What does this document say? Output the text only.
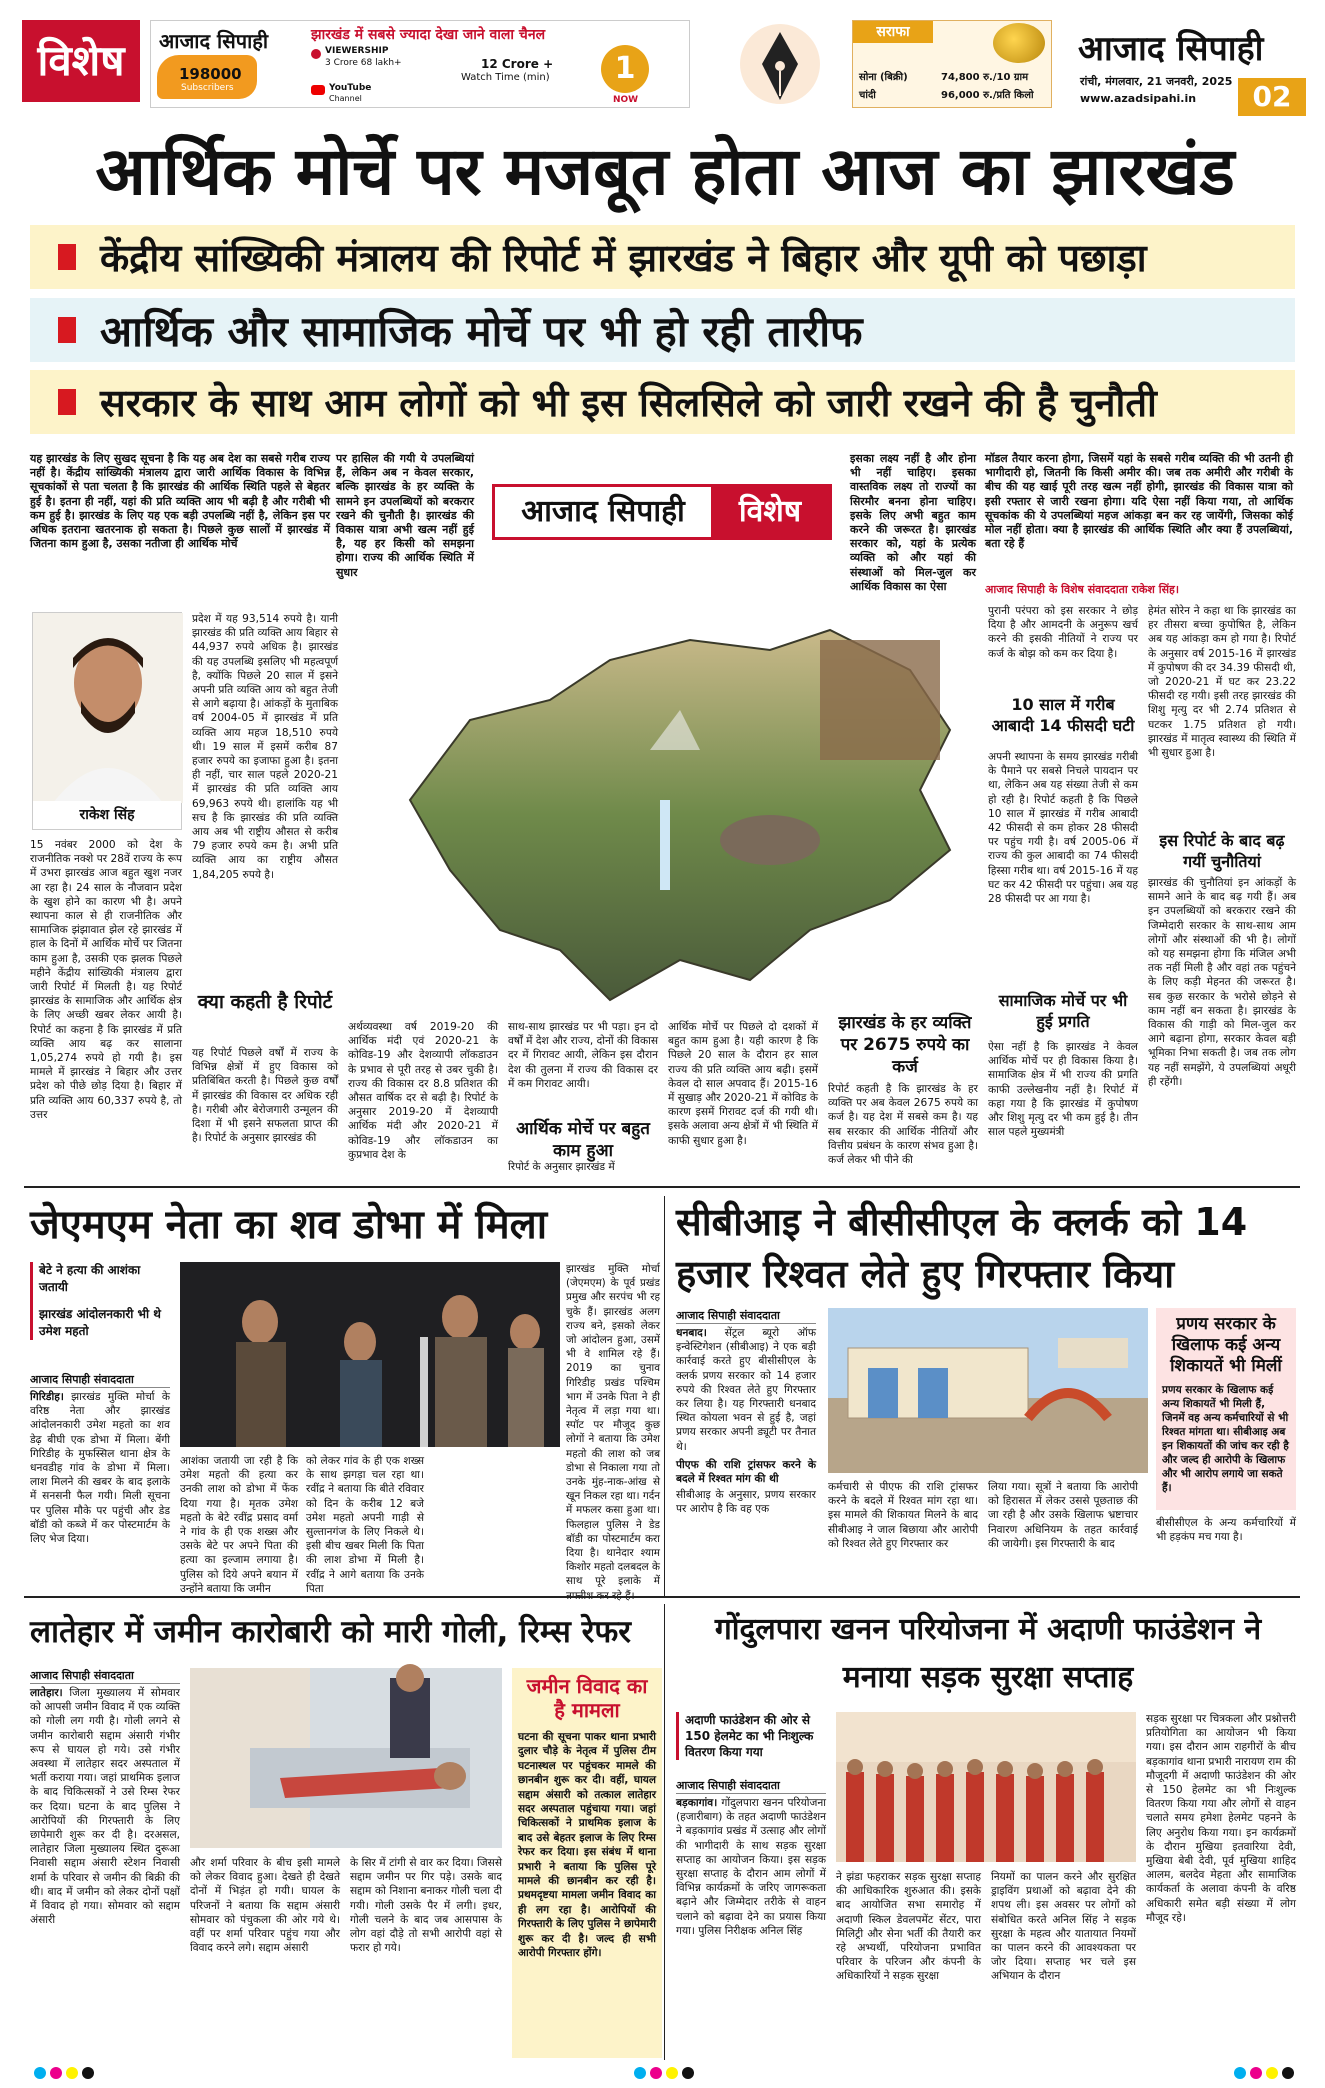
विशेष	आजाद सिपाही	झारखंड में सबसे ज्यादा देखा जाने वाला चैनल
198000
Subscribers
VIEWERSHIP
3 Crore 68 lakh+	12 Crore +
Watch Time (min)
YouTube
Channel
1
NOW
सराफा
सोना (बिक्री)	74,800 रु./10 ग्राम
चांदी	96,000 रु./प्रति किलो
आजाद सिपाही
रांची, मंगलवार, 21 जनवरी, 2025
www.azadsipahi.in	02
आर्थिक मोर्चे पर मजबूत होता आज का झारखंड
केंद्रीय सांख्यिकी मंत्रालय की रिपोर्ट में झारखंड ने बिहार और यूपी को पछाड़ा
आर्थिक और सामाजिक मोर्चे पर भी हो रही तारीफ
सरकार के साथ आम लोगों को भी इस सिलसिले को जारी रखने की है चुनौती
यह झारखंड के लिए सुखद सूचना है कि यह अब देश का सबसे गरीब राज्य नहीं है। केंद्रीय सांख्यिकी मंत्रालय द्वारा जारी आर्थिक विकास के विभिन्न सूचकांकों से पता चलता है कि झारखंड की आर्थिक स्थिति पहले से बेहतर हुई है। इतना ही नहीं, यहां की प्रति व्यक्ति आय भी बढ़ी है और गरीबी भी कम हुई है। झारखंड के लिए यह एक बड़ी उपलब्धि नहीं है, लेकिन इस पर अधिक इतराना खतरनाक हो सकता है। पिछले कुछ सालों में झारखंड में जितना काम हुआ है, उसका नतीजा ही आर्थिक मोर्चे
पर हासिल की गयी ये उपलब्धियां हैं, लेकिन अब न केवल सरकार, बल्कि झारखंड के हर व्यक्ति के सामने इन उपलब्धियों को बरकरार रखने की चुनौती है। झारखंड की विकास यात्रा अभी खत्म नहीं हुई है, यह हर किसी को समझना होगा। राज्य की आर्थिक स्थिति में सुधार
इसका लक्ष्य नहीं है और होना भी नहीं चाहिए। इसका वास्तविक लक्ष्य तो राज्यों का सिरमौर बनना होना चाहिए। इसके लिए अभी बहुत काम करने की जरूरत है। झारखंड सरकार को, यहां के प्रत्येक व्यक्ति को और यहां की संस्थाओं को मिल-जुल कर आर्थिक विकास का ऐसा
मॉडल तैयार करना होगा, जिसमें यहां के सबसे गरीब व्यक्ति की भी उतनी ही भागीदारी हो, जितनी कि किसी अमीर की। जब तक अमीरी और गरीबी के बीच की यह खाई पूरी तरह खत्म नहीं होगी, झारखंड की विकास यात्रा को इसी रफ्तार से जारी रखना होगा। यदि ऐसा नहीं किया गया, तो आर्थिक सूचकांक की ये उपलब्धियां महज आंकड़ा बन कर रह जायेंगी, जिसका कोई मोल नहीं होता। क्या है झारखंड की आर्थिक स्थिति और क्या हैं उपलब्धियां, बता रहे हैं
आजाद सिपाही के विशेष संवाददाता राकेश सिंह।
आजाद सिपाही	विशेष
राकेश सिंह
15 नवंबर 2000 को देश के राजनीतिक नक्शे पर 28वें राज्य के रूप में उभरा झारखंड आज बहुत खुश नजर आ रहा है। 24 साल के नौजवान प्रदेश के खुश होने का कारण भी है। अपने स्थापना काल से ही राजनीतिक और सामाजिक झंझावात झेल रहे झारखंड में हाल के दिनों में आर्थिक मोर्चे पर जितना काम हुआ है, उसकी एक झलक पिछले महीने केंद्रीय सांख्यिकी मंत्रालय द्वारा जारी रिपोर्ट में मिलती है। यह रिपोर्ट झारखंड के सामाजिक और आर्थिक क्षेत्र के लिए अच्छी खबर लेकर आयी है। रिपोर्ट का कहना है कि झारखंड में प्रति व्यक्ति आय बढ़ कर सालाना 1,05,274 रुपये हो गयी है। इस मामले में झारखंड ने बिहार और उत्तर प्रदेश को पीछे छोड़ दिया है। बिहार में प्रति व्यक्ति आय 60,337 रुपये है, तो उत्तर
प्रदेश में यह 93,514 रुपये है। यानी झारखंड की प्रति व्यक्ति आय बिहार से 44,937 रुपये अधिक है। झारखंड की यह उपलब्धि इसलिए भी महत्वपूर्ण है, क्योंकि पिछले 20 साल में इसने अपनी प्रति व्यक्ति आय को बहुत तेजी से आगे बढ़ाया है। आंकड़ों के मुताबिक वर्ष 2004-05 में झारखंड में प्रति व्यक्ति आय महज 18,510 रुपये थी। 19 साल में इसमें करीब 87 हजार रुपये का इजाफा हुआ है। इतना ही नहीं, चार साल पहले 2020-21 में झारखंड की प्रति व्यक्ति आय 69,963 रुपये थी। हालांकि यह भी सच है कि झारखंड की प्रति व्यक्ति आय अब भी राष्ट्रीय औसत से करीब 79 हजार रुपये कम है। अभी प्रति व्यक्ति आय का राष्ट्रीय औसत 1,84,205 रुपये है।
क्या कहती है रिपोर्ट
यह रिपोर्ट पिछले वर्षों में राज्य के विभिन्न क्षेत्रों में हुए विकास को प्रतिबिंबित करती है। पिछले कुछ वर्षों में झारखंड की विकास दर अधिक रही है। गरीबी और बेरोजगारी उन्मूलन की दिशा में भी इसने सफलता प्राप्त की है। रिपोर्ट के अनुसार झारखंड की
अर्थव्यवस्था वर्ष 2019-20 की आर्थिक मंदी एवं 2020-21 के कोविड-19 और देशव्यापी लॉकडाउन के प्रभाव से पूरी तरह से उबर चुकी है। राज्य की विकास दर 8.8 प्रतिशत की औसत वार्षिक दर से बढ़ी है। रिपोर्ट के अनुसार 2019-20 में देशव्यापी आर्थिक मंदी और 2020-21 में कोविड-19 और लॉकडाउन का कुप्रभाव देश के
साथ-साथ झारखंड पर भी पड़ा। इन दो वर्षों में देश और राज्य, दोनों की विकास दर में गिरावट आयी, लेकिन इस दौरान देश की तुलना में राज्य की विकास दर में कम गिरावट आयी।
आर्थिक मोर्चे पर बहुत काम हुआ
रिपोर्ट के अनुसार झारखंड में
आर्थिक मोर्चे पर पिछले दो दशकों में बहुत काम हुआ है। यही कारण है कि पिछले 20 साल के दौरान हर साल राज्य की प्रति व्यक्ति आय बढ़ी। इसमें केवल दो साल अपवाद हैं। 2015-16 में सुखाड़ और 2020-21 में कोविड के कारण इसमें गिरावट दर्ज की गयी थी। इसके अलावा अन्य क्षेत्रों में भी स्थिति में काफी सुधार हुआ है।
झारखंड के हर व्यक्ति पर 2675 रुपये का कर्ज
रिपोर्ट कहती है कि झारखंड के हर व्यक्ति पर अब केवल 2675 रुपये का कर्ज है। यह देश में सबसे कम है। यह सब सरकार की आर्थिक नीतियों और वित्तीय प्रबंधन के कारण संभव हुआ है। कर्ज लेकर भी पीने की
पुरानी परंपरा को इस सरकार ने छोड़ दिया है और आमदनी के अनुरूप खर्च करने की इसकी नीतियों ने राज्य पर कर्ज के बोझ को कम कर दिया है।
10 साल में गरीब आबादी 14 फीसदी घटी
अपनी स्थापना के समय झारखंड गरीबी के पैमाने पर सबसे निचले पायदान पर था, लेकिन अब यह संख्या तेजी से कम हो रही है। रिपोर्ट कहती है कि पिछले 10 साल में झारखंड में गरीब आबादी 42 फीसदी से कम होकर 28 फीसदी पर पहुंच गयी है। वर्ष 2005-06 में राज्य की कुल आबादी का 74 फीसदी हिस्सा गरीब था। वर्ष 2015-16 में यह घट कर 42 फीसदी पर पहुंचा। अब यह 28 फीसदी पर आ गया है।
सामाजिक मोर्चे पर भी हुई प्रगति
ऐसा नहीं है कि झारखंड ने केवल आर्थिक मोर्चे पर ही विकास किया है। सामाजिक क्षेत्र में भी राज्य की प्रगति काफी उल्लेखनीय नहीं है। रिपोर्ट में कहा गया है कि झारखंड में कुपोषण और शिशु मृत्यु दर भी कम हुई है। तीन साल पहले मुख्यमंत्री
हेमंत सोरेन ने कहा था कि झारखंड का हर तीसरा बच्चा कुपोषित है, लेकिन अब यह आंकड़ा कम हो गया है। रिपोर्ट के अनुसार वर्ष 2015-16 में झारखंड में कुपोषण की दर 34.39 फीसदी थी, जो 2020-21 में घट कर 23.22 फीसदी रह गयी। इसी तरह झारखंड की शिशु मृत्यु दर भी 2.74 प्रतिशत से घटकर 1.75 प्रतिशत हो गयी। झारखंड में मातृत्व स्वास्थ्य की स्थिति में भी सुधार हुआ है।
इस रिपोर्ट के बाद बढ़ गयीं चुनौतियां
झारखंड की चुनौतियां इन आंकड़ों के सामने आने के बाद बढ़ गयी हैं। अब इन उपलब्धियों को बरकरार रखने की जिम्मेदारी सरकार के साथ-साथ आम लोगों और संस्थाओं की भी है। लोगों को यह समझना होगा कि मंजिल अभी तक नहीं मिली है और वहां तक पहुंचने के लिए कड़ी मेहनत की जरूरत है। सब कुछ सरकार के भरोसे छोड़ने से काम नहीं बन सकता है। झारखंड के विकास की गाड़ी को मिल-जुल कर आगे बढ़ाना होगा, सरकार केवल बड़ी भूमिका निभा सकती है। जब तक लोग यह नहीं समझेंगे, ये उपलब्धियां अधूरी ही रहेंगी।
जेएमएम नेता का शव डोभा में मिला
बेटे ने हत्या की आशंका जतायी
झारखंड आंदोलनकारी भी थे उमेश महतो
आजाद सिपाही संवाददाता
गिरिडीह। झारखंड मुक्ति मोर्चा के वरिष्ठ नेता और झारखंड आंदोलनकारी उमेश महतो का शव डेढ़ बीघी एक डोभा में मिला। बेंगी गिरिडीह के मुफस्सिल थाना क्षेत्र के धनवडीह गांव के डोभा में मिला। लाश मिलने की खबर के बाद इलाके में सनसनी फैल गयी। मिली सूचना पर पुलिस मौके पर पहुंची और डेड बॉडी को कब्जे में कर पोस्टमार्टम के लिए भेज दिया।
आशंका जतायी जा रही है कि उमेश महतो की हत्या कर उनकी लाश को डोभा में फेंक दिया गया है। मृतक उमेश महतो के बेटे रवींद्र प्रसाद वर्मा ने गांव के ही एक शख्स और उसके बेटे पर अपने पिता की हत्या का इल्जाम लगाया है। पुलिस को दिये अपने बयान में उन्होंने बताया कि जमीन
को लेकर गांव के ही एक शख्स के साथ झगड़ा चल रहा था। रवींद्र ने बताया कि बीते रविवार को दिन के करीब 12 बजे उमेश महतो अपनी गाड़ी से सुल्तानगंज के लिए निकले थे। इसी बीच खबर मिली कि पिता की लाश डोभा में मिली है। रवींद्र ने आगे बताया कि उनके पिता
झारखंड मुक्ति मोर्चा (जेएमएम) के पूर्व प्रखंड प्रमुख और सरपंच भी रह चुके हैं। झारखंड अलग राज्य बने, इसको लेकर जो आंदोलन हुआ, उसमें भी वे शामिल रहे हैं। 2019 का चुनाव गिरिडीह प्रखंड पश्चिम भाग में उनके पिता ने ही नेतृत्व में लड़ा गया था। स्पॉट पर मौजूद कुछ लोगों ने बताया कि उमेश महतो की लाश को जब डोभा से निकाला गया तो उनके मुंह-नाक-आंख से खून निकल रहा था। गर्दन में मफलर कसा हुआ था। फिलहाल पुलिस ने डेड बॉडी का पोस्टमार्टम करा दिया है। थानेदार श्याम किशोर महतो दलबदल के साथ पूरे इलाके में
सीबीआइ ने बीसीसीएल के क्लर्क को 14 हजार रिश्वत लेते हुए गिरफ्तार किया
आजाद सिपाही संवाददाता
धनबाद। सेंट्रल ब्यूरो ऑफ इन्वेस्टिगेशन (सीबीआइ) ने एक बड़ी कार्रवाई करते हुए बीसीसीएल के क्लर्क प्रणय सरकार को 14 हजार रुपये की रिश्वत लेते हुए गिरफ्तार कर लिया है। यह गिरफ्तारी धनबाद स्थित कोयला भवन से हुई है, जहां प्रणय सरकार अपनी ड्यूटी पर तैनात थे।

पीएफ की राशि ट्रांसफर करने के बदले में रिश्वत मांग की थी

सीबीआइ के अनुसार, प्रणय सरकार पर आरोप है कि वह एक
कर्मचारी से पीएफ की राशि ट्रांसफर करने के बदले में रिश्वत मांग रहा था। इस मामले की शिकायत मिलने के बाद सीबीआइ ने जाल बिछाया और आरोपी को रिश्वत लेते हुए गिरफ्तार कर
लिया गया। सूत्रों ने बताया कि आरोपी को हिरासत में लेकर उससे पूछताछ की जा रही है और उसके खिलाफ भ्रष्टाचार निवारण अधिनियम के तहत कार्रवाई की जायेगी। इस गिरफ्तारी के बाद
प्रणय सरकार के खिलाफ कई अन्य शिकायतें भी मिलीं
प्रणय सरकार के खिलाफ कई अन्य शिकायतें भी मिली हैं, जिनमें वह अन्य कर्मचारियों से भी रिश्वत मांगता था। सीबीआइ अब इन शिकायतों की जांच कर रही है और जल्द ही आरोपी के खिलाफ और भी आरोप लगाये जा सकते हैं।
बीसीसीएल के अन्य कर्मचारियों में भी हड़कंप मच गया है।
लातेहार में जमीन कारोबारी को मारी गोली, रिम्स रेफर
आजाद सिपाही संवाददाता
लातेहार। जिला मुख्यालय में सोमवार को आपसी जमीन विवाद में एक व्यक्ति को गोली लग गयी है। गोली लगने से जमीन कारोबारी सद्दाम अंसारी गंभीर रूप से घायल हो गये। उसे गंभीर अवस्था में लातेहार सदर अस्पताल में भर्ती कराया गया। जहां प्राथमिक इलाज के बाद चिकित्सकों ने उसे रिम्स रेफर कर दिया। घटना के बाद पुलिस ने आरोपियों की गिरफ्तारी के लिए छापेमारी शुरू कर दी है। दरअसल, लातेहार जिला मुख्यालय स्थित दुरूआ निवासी सद्दाम अंसारी स्टेशन निवासी शर्मा के परिवार से जमीन की बिक्री की थी। बाद में जमीन को लेकर दोनों पक्षों में विवाद हो गया। सोमवार को सद्दाम अंसारी
और शर्मा परिवार के बीच इसी मामले को लेकर विवाद हुआ। देखते ही देखते दोनों में भिड़ंत हो गयी। घायल के परिजनों ने बताया कि सद्दाम अंसारी सोमवार को पंचुकला की ओर गये थे। वहीं पर शर्मा परिवार पहुंच गया और विवाद करने लगे। सद्दाम अंसारी
के सिर में टांगी से वार कर दिया। जिससे सद्दाम जमीन पर गिर पड़े। उसके बाद सद्दाम को निशाना बनाकर गोली चला दी गयी। गोली उसके पैर में लगी। इधर, गोली चलने के बाद जब आसपास के लोग वहां दौड़े तो सभी आरोपी वहां से फरार हो गये।
जमीन विवाद का है मामला
घटना की सूचना पाकर थाना प्रभारी दुलार चौड़े के नेतृत्व में पुलिस टीम घटनास्थल पर पहुंचकर मामले की छानबीन शुरू कर दी। वहीं, घायल सद्दाम अंसारी को तत्काल लातेहार सदर अस्पताल पहुंचाया गया। जहां चिकित्सकों ने प्राथमिक इलाज के बाद उसे बेहतर इलाज के लिए रिम्स रेफर कर दिया। इस संबंध में थाना प्रभारी ने बताया कि पुलिस पूरे मामले की छानबीन कर रही है। प्रथमदृष्टया मामला जमीन विवाद का ही लग रहा है। आरोपियों की गिरफ्तारी के लिए पुलिस ने छापेमारी शुरू कर दी है। जल्द ही सभी आरोपी गिरफ्तार होंगे।
गोंदुलपारा खनन परियोजना में अदाणी फाउंडेशन ने मनाया सड़क सुरक्षा सप्ताह
अदाणी फाउंडेशन की ओर से 150 हेलमेट का भी निःशुल्क वितरण किया गया
आजाद सिपाही संवाददाता
बड़कागांव। गोंदुलपारा खनन परियोजना (हजारीबाग) के तहत अदाणी फाउंडेशन ने बड़कागांव प्रखंड में उत्साह और लोगों की भागीदारी के साथ सड़क सुरक्षा सप्ताह का आयोजन किया। इस सड़क सुरक्षा सप्ताह के दौरान आम लोगों में विभिन्न कार्यक्रमों के जरिए जागरूकता बढ़ाने और जिम्मेदार तरीके से वाहन चलाने को बढ़ावा देने का प्रयास किया गया। पुलिस निरीक्षक अनिल सिंह
ने झंडा फहराकर सड़क सुरक्षा सप्ताह की आधिकारिक शुरुआत की। इसके बाद आयोजित सभा समारोह में अदाणी स्किल डेवलपमेंट सेंटर, पारा मिलिट्री और सेना भर्ती की तैयारी कर रहे अभ्यर्थी, परियोजना प्रभावित परिवार के परिजन और कंपनी के अधिकारियों ने सड़क सुरक्षा
नियमों का पालन करने और सुरक्षित ड्राइविंग प्रथाओं को बढ़ावा देने की शपथ ली। इस अवसर पर लोगों को संबोधित करते अनिल सिंह ने सड़क सुरक्षा के महत्व और यातायात नियमों का पालन करने की आवश्यकता पर जोर दिया। सप्ताह भर चले इस अभियान के दौरान
सड़क सुरक्षा पर चित्रकला और प्रश्नोत्तरी प्रतियोगिता का आयोजन भी किया गया। इस दौरान आम राहगीरों के बीच बड़कागांव थाना प्रभारी नारायण राम की मौजूदगी में अदाणी फाउंडेशन की ओर से 150 हेलमेट का भी निःशुल्क वितरण किया गया और लोगों से वाहन चलाते समय हमेशा हेलमेट पहनने के लिए अनुरोध किया गया। इन कार्यक्रमों के दौरान मुखिया इतवारिया देवी, मुखिया बेबी देवी, पूर्व मुखिया शाहिद आलम, बलदेव मेहता और सामाजिक कार्यकर्ता के अलावा कंपनी के वरिष्ठ अधिकारी समेत बड़ी संख्या में लोग मौजूद रहे।
